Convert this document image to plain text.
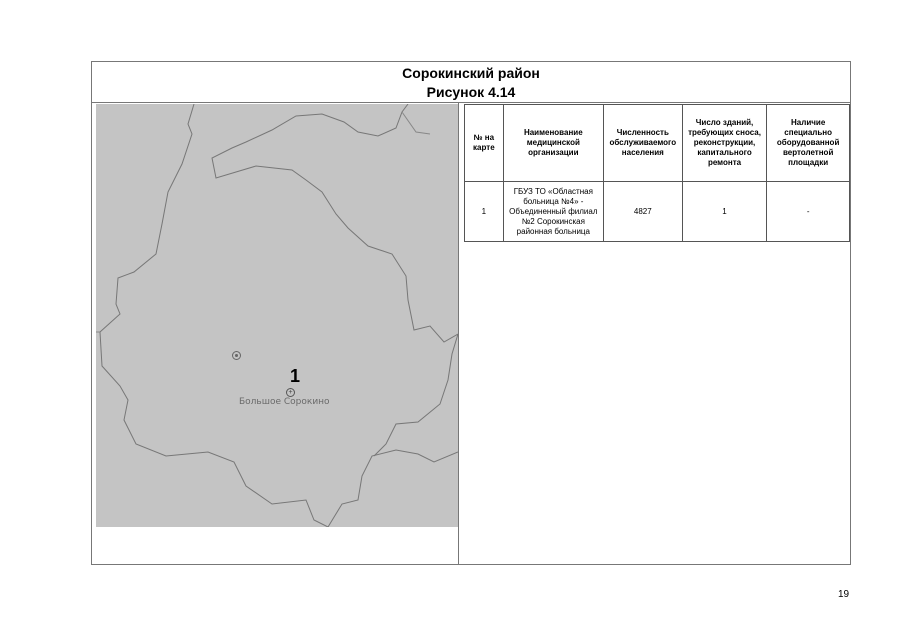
Сорокинский район
Рисунок 4.14
1
+
Большое Сорокино
№ на карте	Наименование медицинской организации	Численность обслуживаемого населения	Число зданий, требующих сноса, реконструкции, капитального ремонта	Наличие специально оборудованной вертолетной площадки
1	ГБУЗ ТО «Областная больница №4» - Объединенный филиал №2 Сорокинская районная больница	4827	1	-
19
